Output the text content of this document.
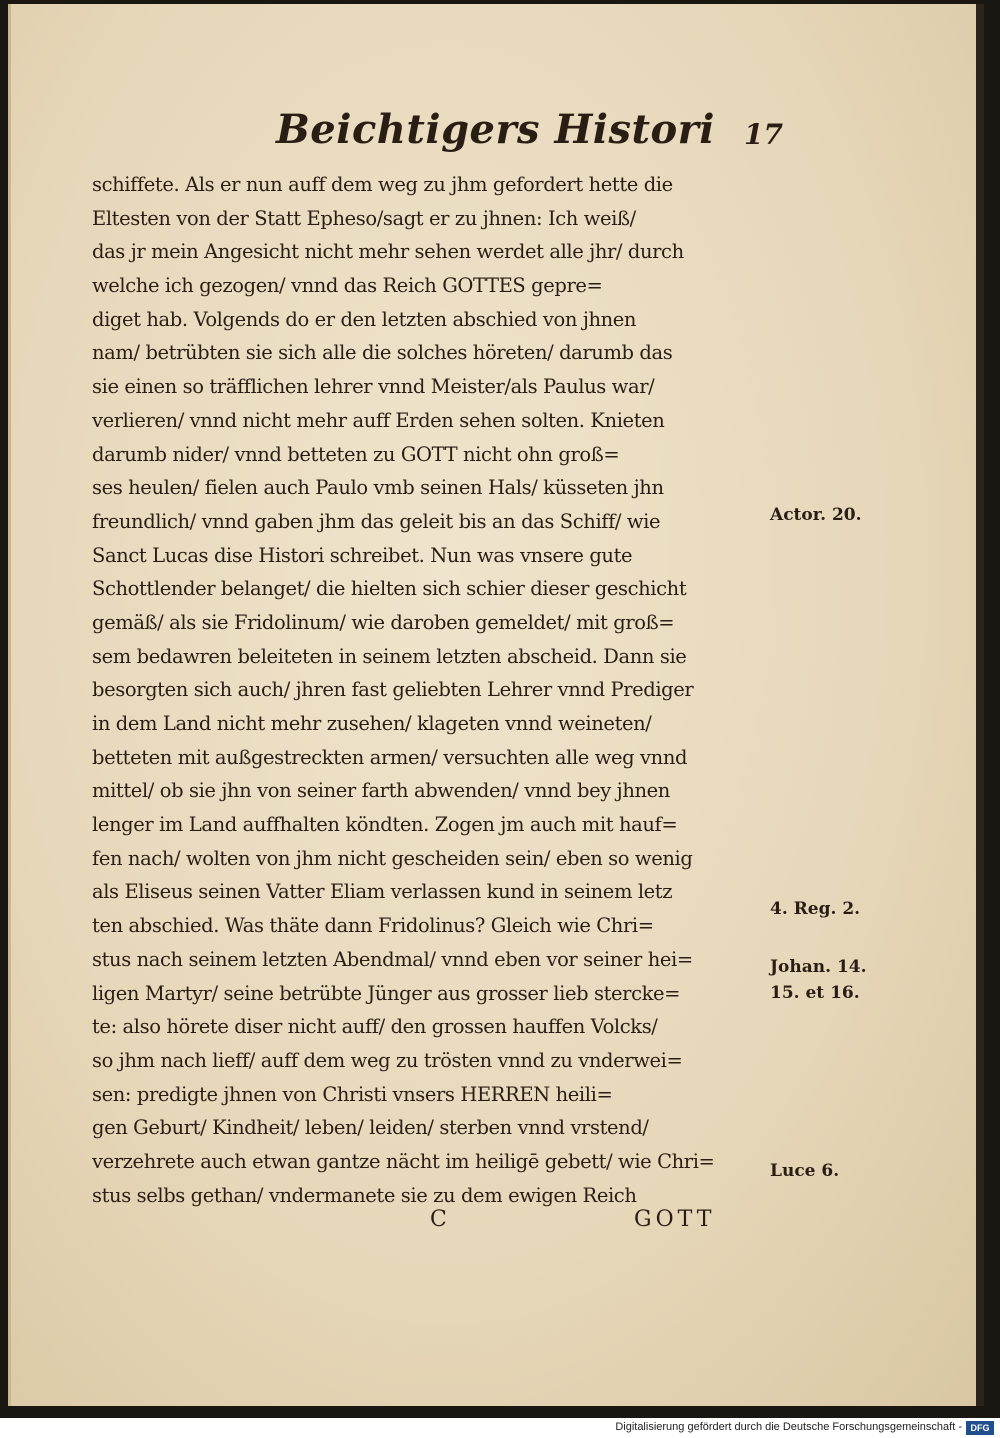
Beichtigers Histori 17
schiffete. Als er nun auff dem weg zu jhm gefordert hette die
Eltesten von der Statt Epheso/sagt er zu jhnen: Ich weiß/
das jr mein Angesicht nicht mehr sehen werdet alle jhr/ durch
welche ich gezogen/ vnnd das Reich GOTTES gepre=
diget hab. Volgends do er den letzten abschied von jhnen
nam/ betrübten sie sich alle die solches höreten/ darumb das
sie einen so träfflichen lehrer vnnd Meister/als Paulus war/
verlieren/ vnnd nicht mehr auff Erden sehen solten. Knieten
darumb nider/ vnnd betteten zu GOTT nicht ohn groß=
ses heulen/ fielen auch Paulo vmb seinen Hals/ küsseten jhn
freundlich/ vnnd gaben jhm das geleit bis an das Schiff/ wie
Sanct Lucas dise Histori schreibet. Nun was vnsere gute
Schottlender belanget/ die hielten sich schier dieser geschicht
gemäß/ als sie Fridolinum/ wie daroben gemeldet/ mit groß=
sem bedawren beleiteten in seinem letzten abscheid. Dann sie
besorgten sich auch/ jhren fast geliebten Lehrer vnnd Prediger
in dem Land nicht mehr zusehen/ klageten vnnd weineten/
betteten mit außgestreckten armen/ versuchten alle weg vnnd
mittel/ ob sie jhn von seiner farth abwenden/ vnnd bey jhnen
lenger im Land auffhalten köndten. Zogen jm auch mit hauf=
fen nach/ wolten von jhm nicht gescheiden sein/ eben so wenig
als Eliseus seinen Vatter Eliam verlassen kund in seinem letz
ten abschied. Was thäte dann Fridolinus? Gleich wie Chri=
stus nach seinem letzten Abendmal/ vnnd eben vor seiner hei=
ligen Martyr/ seine betrübte Jünger aus grosser lieb stercke=
te: also hörete diser nicht auff/ den grossen hauffen Volcks/
so jhm nach lieff/ auff dem weg zu trösten vnnd zu vnderwei=
sen: predigte jhnen von Christi vnsers HERREN heili=
gen Geburt/ Kindheit/ leben/ leiden/ sterben vnnd vrstend/
verzehrete auch etwan gantze nächt im heiligē gebett/ wie Chri=
stus selbs gethan/ vndermanete sie zu dem ewigen Reich
Actor. 20.
4. Reg. 2.
Johan. 14.
15. et 16.
Luce 6.
C	GOTT
Digitalisierung gefördert durch die Deutsche Forschungsgemeinschaft - DFG
